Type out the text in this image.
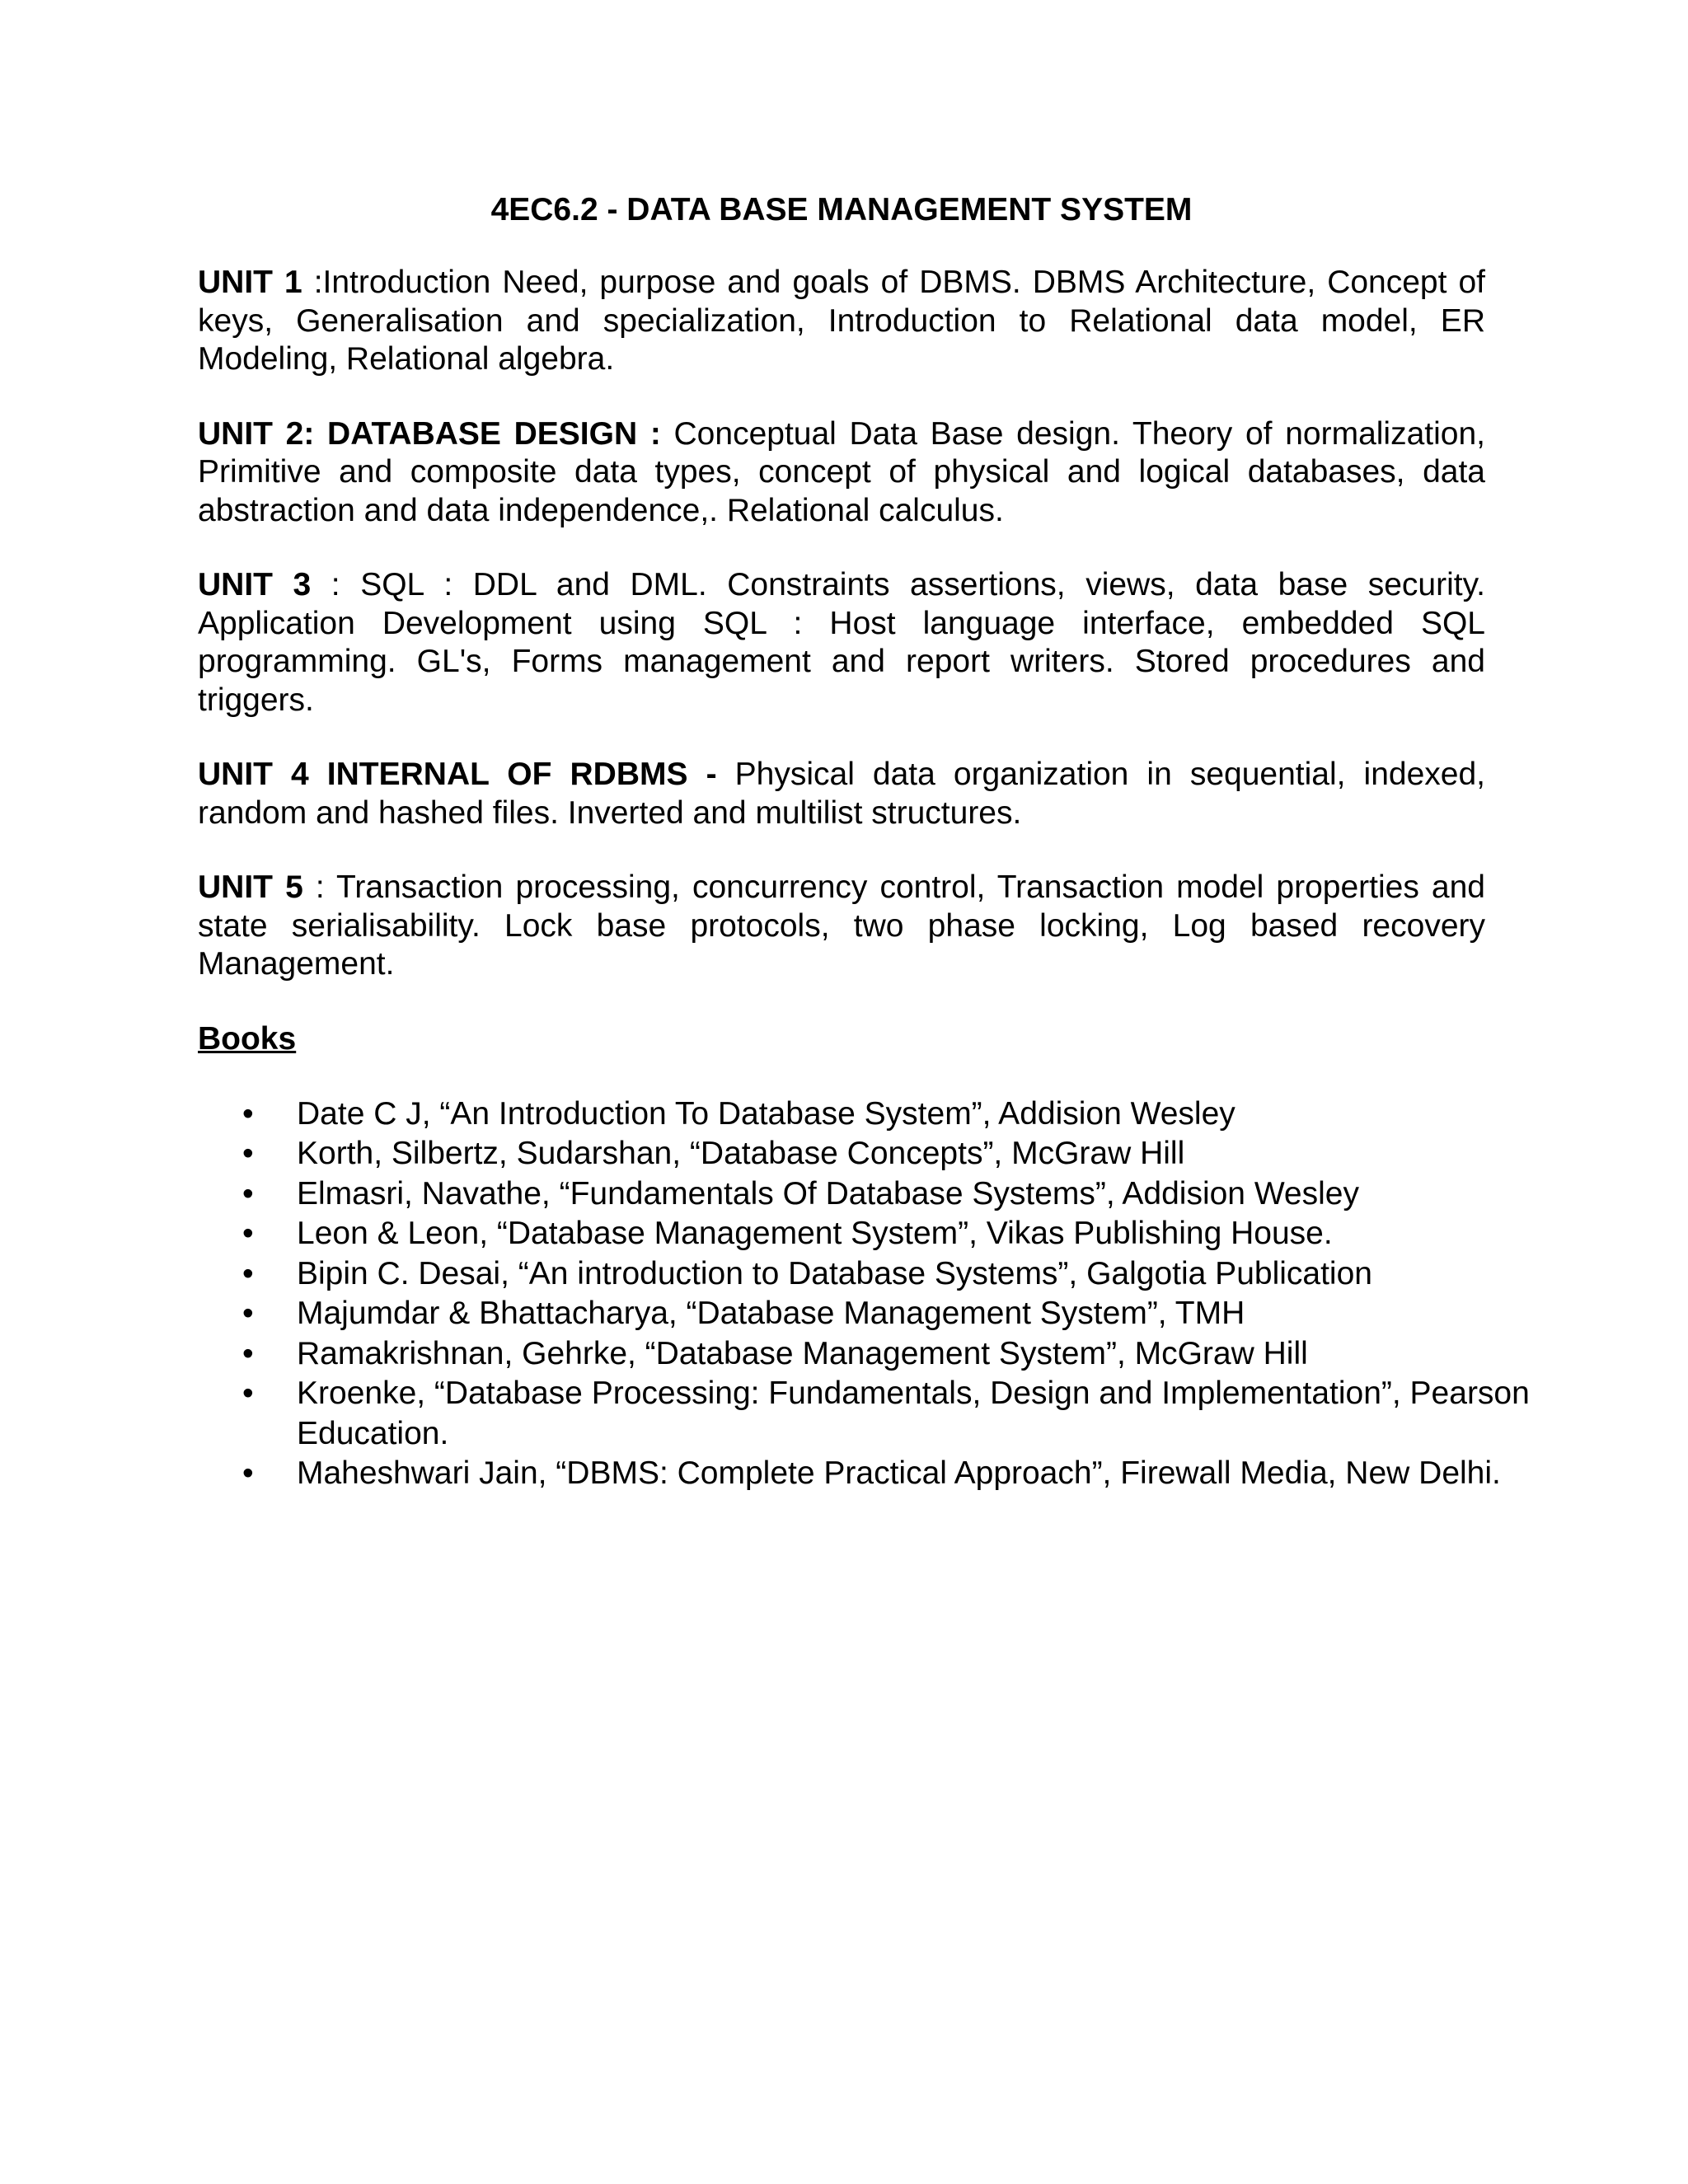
4EC6.2 - DATA BASE MANAGEMENT SYSTEM

UNIT 1 :Introduction Need, purpose and goals of DBMS. DBMS Architecture, Concept of keys, Generalisation and specialization, Introduction to Relational data model, ER Modeling, Relational algebra.

UNIT 2: DATABASE DESIGN : Conceptual Data Base design. Theory of normalization, Primitive and composite data types, concept of physical and logical databases, data abstraction and data independence,. Relational calculus.

UNIT 3 : SQL : DDL and DML. Constraints assertions, views, data base security. Application Development using SQL : Host language interface, embedded SQL programming. GL's, Forms management and report writers. Stored procedures and triggers.

UNIT 4 INTERNAL OF RDBMS - Physical data organization in sequential, indexed, random and hashed files. Inverted and multilist structures.

UNIT 5 : Transaction processing, concurrency control, Transaction model properties and state serialisability. Lock base protocols, two phase locking, Log based recovery Management.

Books
• Date C J, “An Introduction To Database System”, Addision Wesley
• Korth, Silbertz, Sudarshan, “Database Concepts”, McGraw Hill
• Elmasri, Navathe, “Fundamentals Of Database Systems”, Addision Wesley
• Leon & Leon, “Database Management System”, Vikas Publishing House.
• Bipin C. Desai, “An introduction to Database Systems”, Galgotia Publication
• Majumdar & Bhattacharya, “Database Management System”, TMH
• Ramakrishnan, Gehrke, “Database Management System”, McGraw Hill
• Kroenke, “Database Processing: Fundamentals, Design and Implementation”, Pearson Education.
• Maheshwari Jain, “DBMS: Complete Practical Approach”, Firewall Media, New Delhi.
